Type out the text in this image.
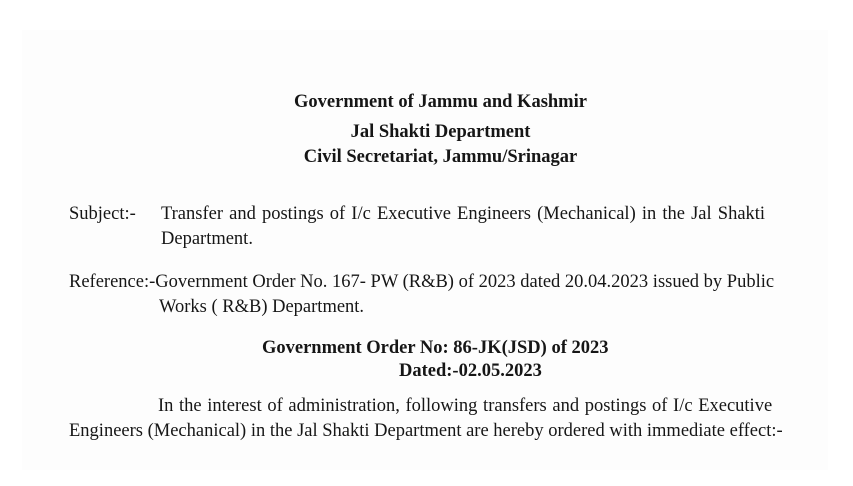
Government of Jammu and Kashmir
Jal Shakti Department
Civil Secretariat, Jammu/Srinagar
Subject:- Transfer and postings of I/c Executive Engineers (Mechanical) in the Jal Shakti
Department.
Reference:-Government Order No. 167- PW (R&B) of 2023 dated 20.04.2023 issued by Public
Works ( R&B) Department.
Government Order No: 86-JK(JSD) of 2023
Dated:-02.05.2023
In the interest of administration, following transfers and postings of I/c Executive
Engineers (Mechanical) in the Jal Shakti Department are hereby ordered with immediate effect:-
